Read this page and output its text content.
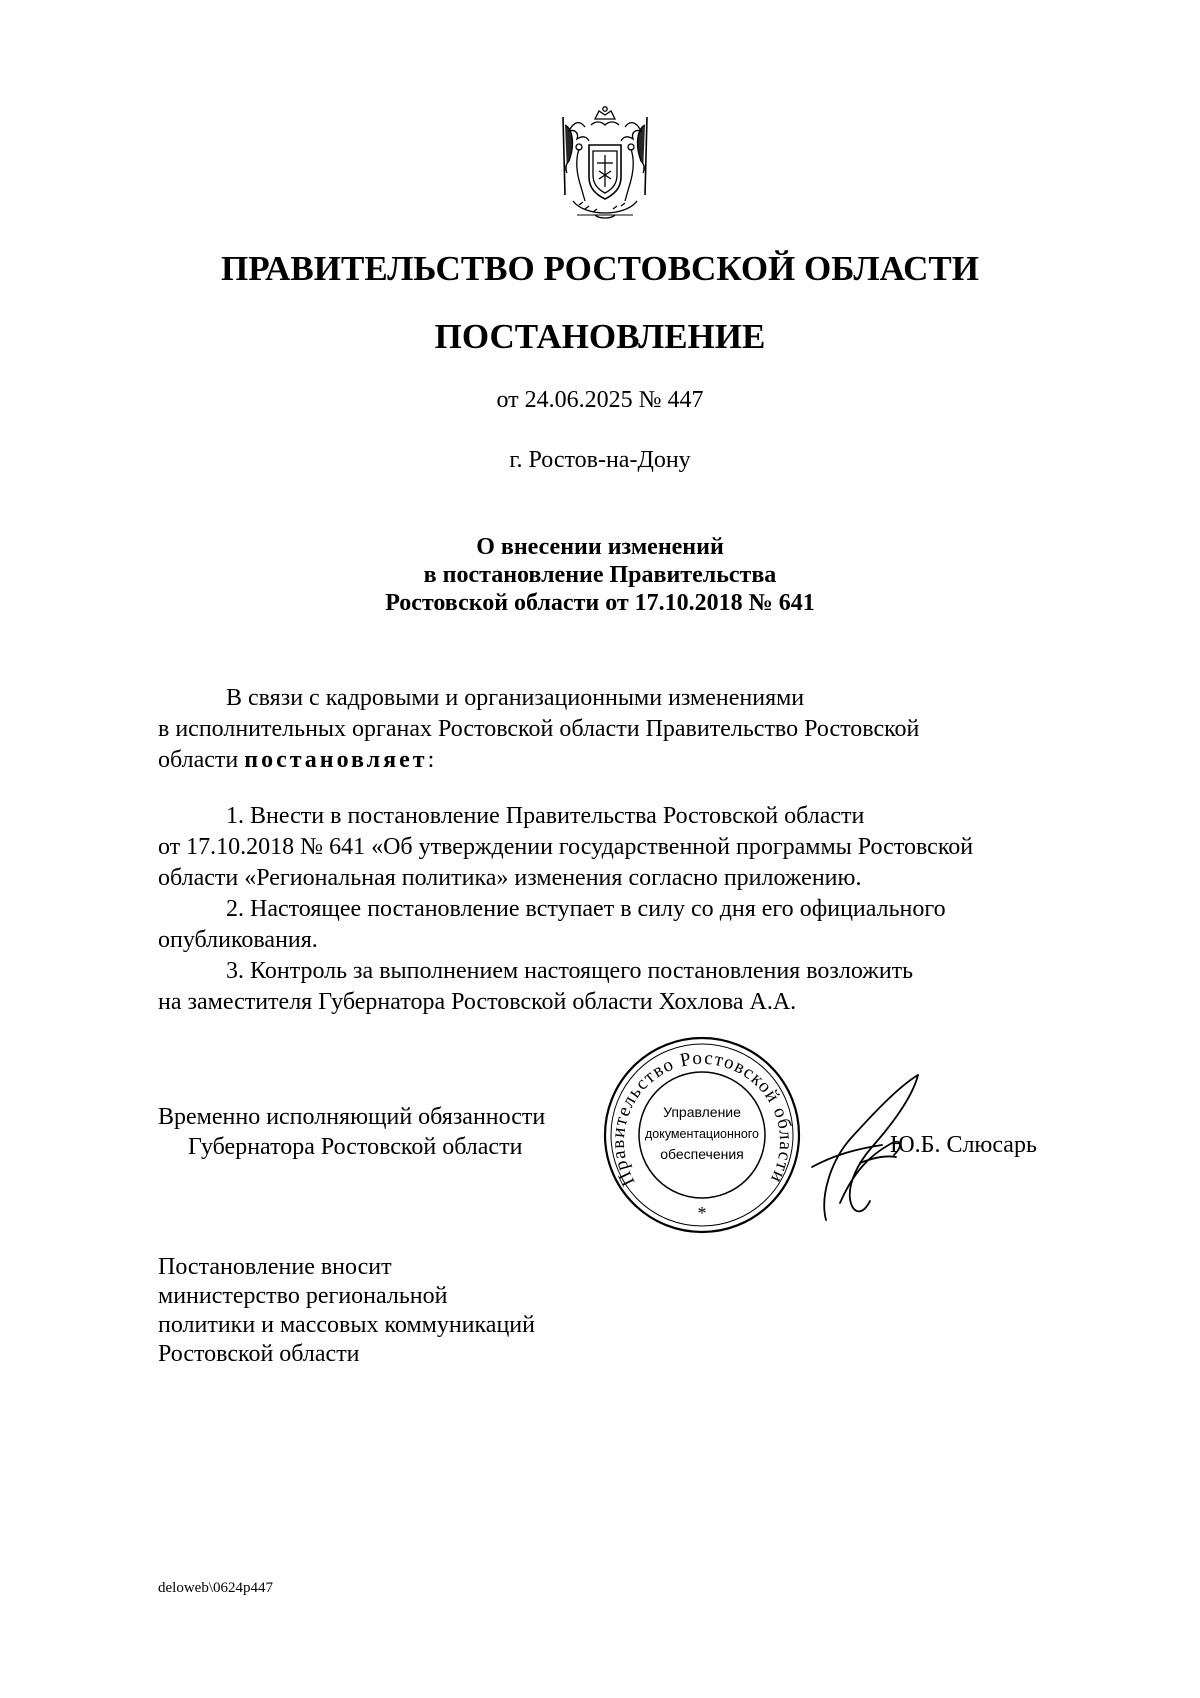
ПРАВИТЕЛЬСТВО РОСТОВСКОЙ ОБЛАСТИ
ПОСТАНОВЛЕНИЕ
от 24.06.2025 № 447
г. Ростов-на-Дону
О внесении изменений
в постановление Правительства
Ростовской области от 17.10.2018 № 641
В связи с кадровыми и организационными изменениями
в исполнительных органах Ростовской области Правительство Ростовской
области постановляет:
1. Внести в постановление Правительства Ростовской области
от 17.10.2018 № 641 «Об утверждении государственной программы Ростовской
области «Региональная политика» изменения согласно приложению.
2. Настоящее постановление вступает в силу со дня его официального
опубликования.
3. Контроль за выполнением настоящего постановления возложить
на заместителя Губернатора Ростовской области Хохлова А.А.
Временно исполняющий обязанности
Губернатора Ростовской области
Правительство Ростовской области
Управление
документационного
обеспечения
*
Ю.Б. Слюсарь
Постановление вносит
министерство региональной
политики и массовых коммуникаций
Ростовской области
deloweb\0624p447
